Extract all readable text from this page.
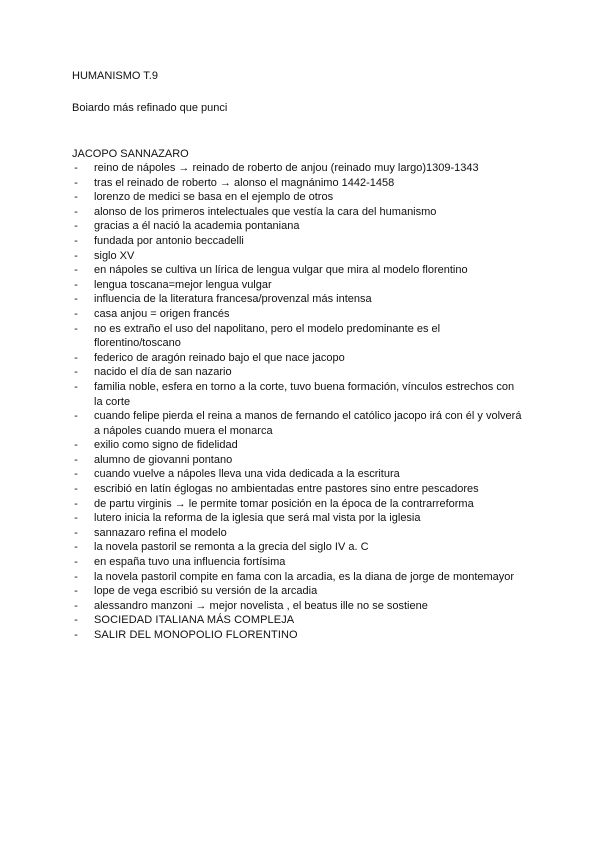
HUMANISMO T.9
Boiardo más refinado que punci
JACOPO SANNAZARO
- reino de nápoles → reinado de roberto de anjou (reinado muy largo)1309-1343
- tras el reinado de roberto → alonso el magnánimo 1442-1458
- lorenzo de medici se basa en el ejemplo de otros
- alonso de los primeros intelectuales que vestía la cara del humanismo
- gracias a él nació la academia pontaniana
- fundada por antonio beccadelli
- siglo XV
- en nápoles se cultiva un lírica de lengua vulgar que mira al modelo florentino
- lengua toscana=mejor lengua vulgar
- influencia de la literatura francesa/provenzal más intensa
- casa anjou = origen francés
- no es extraño el uso del napolitano, pero el modelo predominante es el florentino/toscano
- federico de aragón reinado bajo el que nace jacopo
- nacido el día de san nazario
- familia noble, esfera en torno a la corte, tuvo buena formación, vínculos estrechos con la corte
- cuando felipe pierda el reina a manos de fernando el católico jacopo irá con él y volverá a nápoles cuando muera el monarca
- exilio como signo de fidelidad
- alumno de giovanni pontano
- cuando vuelve a nápoles lleva una vida dedicada a la escritura
- escribió en latín églogas no ambientadas entre pastores sino entre pescadores
- de partu virginis → le permite tomar posición en la época de la contrarreforma
- lutero inicia la reforma de la iglesia que será mal vista por la iglesia
- sannazaro refina el modelo
- la novela pastoril se remonta a la grecia del siglo IV a. C
- en españa tuvo una influencia fortísima
- la novela pastoril compite en fama con la arcadia, es la diana de jorge de montemayor
- lope de vega escribió su versión de la arcadia
- alessandro manzoni → mejor novelista , el beatus ille no se sostiene
- SOCIEDAD ITALIANA MÁS COMPLEJA
- SALIR DEL MONOPOLIO FLORENTINO
